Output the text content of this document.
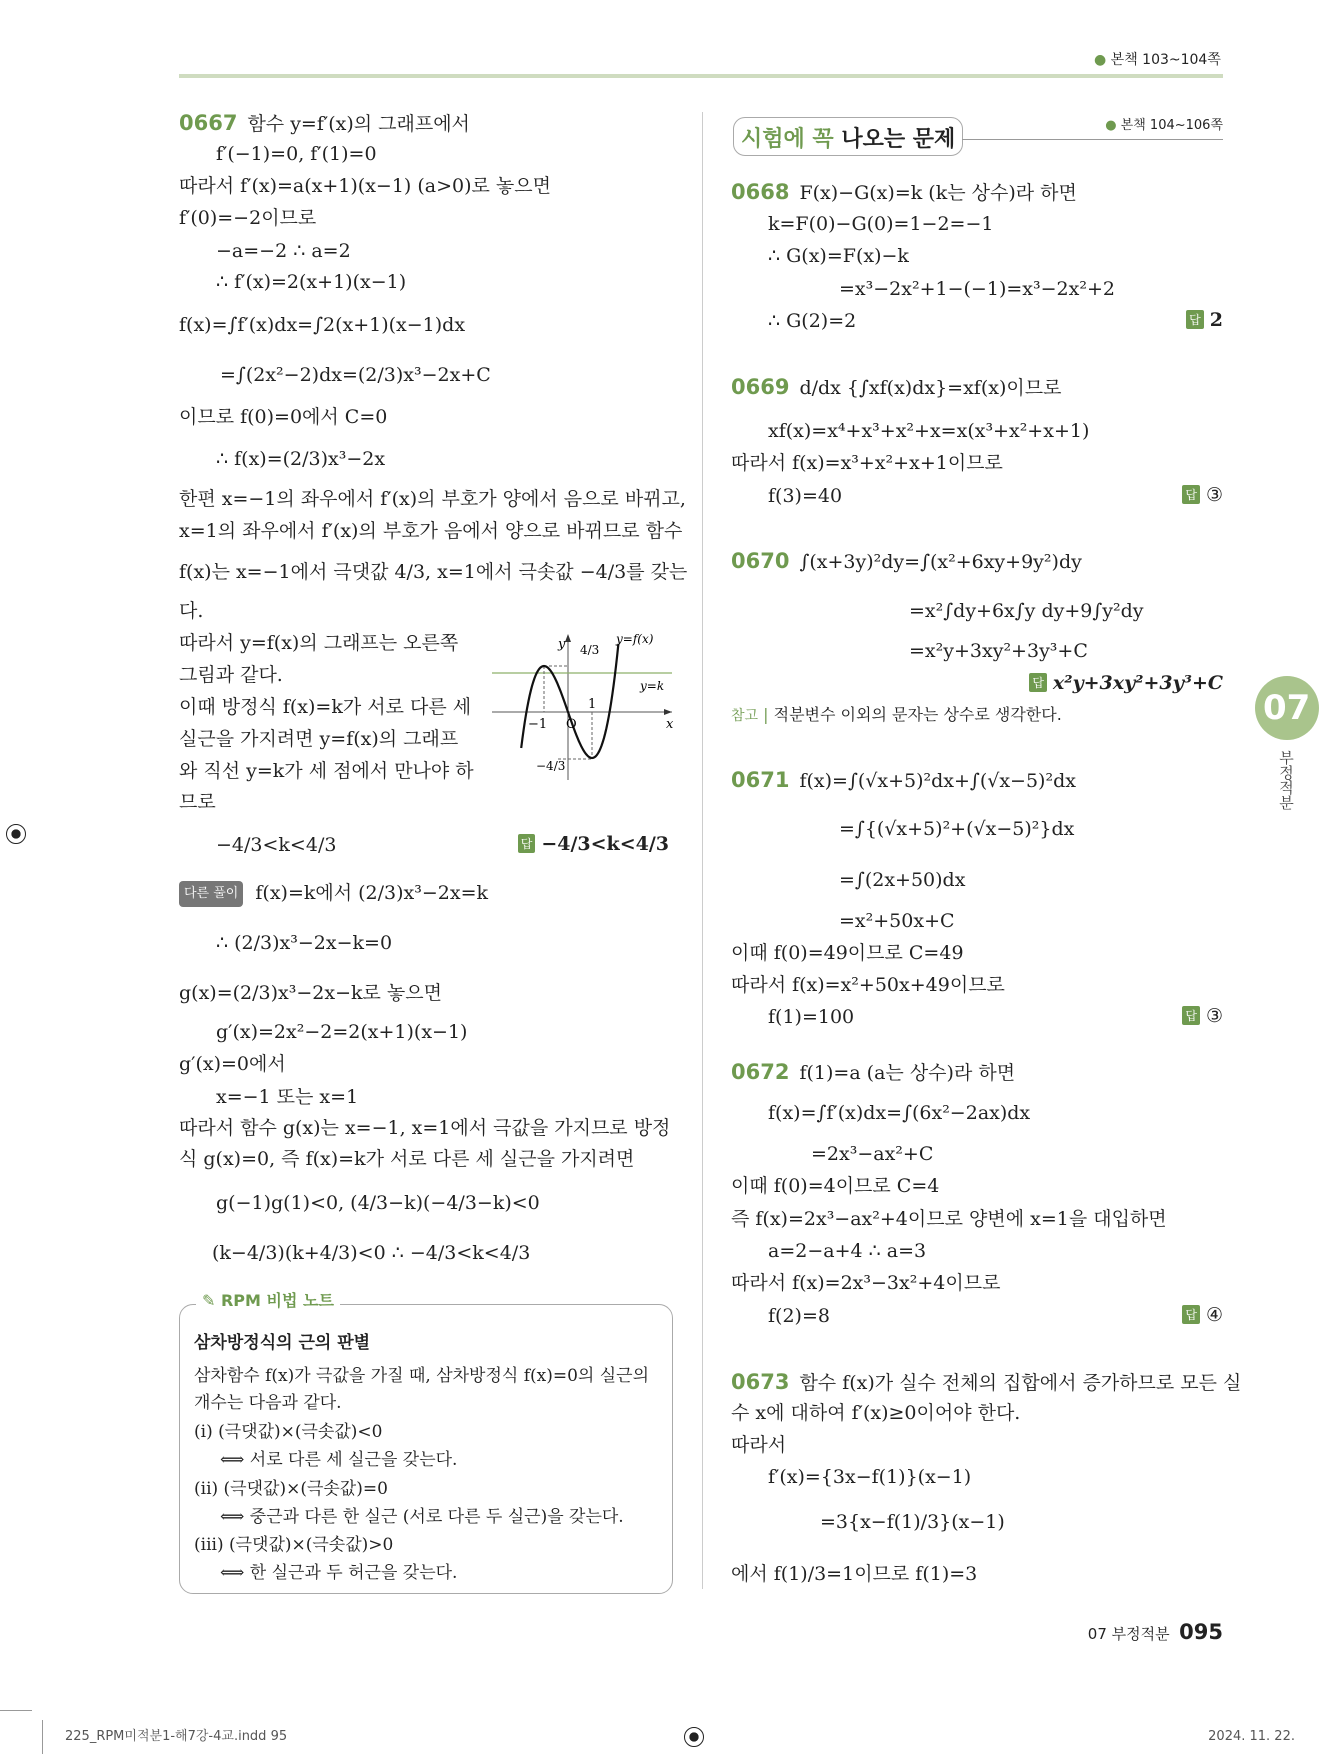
● 본책 103~104쪽
0667 함수 y=f′(x)의 그래프에서
f′(−1)=0, f′(1)=0
따라서 f′(x)=a(x+1)(x−1) (a>0)로 놓으면
f′(0)=−2이므로
−a=−2 ∴ a=2
∴ f′(x)=2(x+1)(x−1)
f(x)=∫f′(x)dx=∫2(x+1)(x−1)dx
=∫(2x²−2)dx=(2/3)x³−2x+C
이므로 f(0)=0에서 C=0
∴ f(x)=(2/3)x³−2x
한편 x=−1의 좌우에서 f′(x)의 부호가 양에서 음으로 바뀌고,
x=1의 좌우에서 f′(x)의 부호가 음에서 양으로 바뀌므로 함수
f(x)는 x=−1에서 극댓값 4/3, x=1에서 극솟값 −4/3를 갖는
다.
따라서 y=f(x)의 그래프는 오른쪽
그림과 같다.
이때 방정식 f(x)=k가 서로 다른 세
실근을 가지려면 y=f(x)의 그래프
와 직선 y=k가 세 점에서 만나야 하
므로
−4/3<k<4/3	답 −4/3<k<4/3
y
x
O
−1
1
4/3
−4/3
y=f(x)
y=k
다른 풀이 f(x)=k에서 (2/3)x³−2x=k
∴ (2/3)x³−2x−k=0
g(x)=(2/3)x³−2x−k로 놓으면
g′(x)=2x²−2=2(x+1)(x−1)
g′(x)=0에서
x=−1 또는 x=1
따라서 함수 g(x)는 x=−1, x=1에서 극값을 가지므로 방정
식 g(x)=0, 즉 f(x)=k가 서로 다른 세 실근을 가지려면
g(−1)g(1)<0, (4/3−k)(−4/3−k)<0
(k−4/3)(k+4/3)<0 ∴ −4/3<k<4/3
✎ RPM 비법 노트
삼차방정식의 근의 판별
삼차함수 f(x)가 극값을 가질 때, 삼차방정식 f(x)=0의 실근의
개수는 다음과 같다.
(i) (극댓값)×(극솟값)<0
⟺ 서로 다른 세 실근을 갖는다.
(ii) (극댓값)×(극솟값)=0
⟺ 중근과 다른 한 실근 (서로 다른 두 실근)을 갖는다.
(iii) (극댓값)×(극솟값)>0
⟺ 한 실근과 두 허근을 갖는다.
시험에 꼭 나오는 문제
● 본책 104~106쪽
0668 F(x)−G(x)=k (k는 상수)라 하면
k=F(0)−G(0)=1−2=−1
∴ G(x)=F(x)−k
=x³−2x²+1−(−1)=x³−2x²+2
∴ G(2)=2	답 2
0669 d/dx {∫xf(x)dx}=xf(x)이므로
xf(x)=x⁴+x³+x²+x=x(x³+x²+x+1)
따라서 f(x)=x³+x²+x+1이므로
f(3)=40	답 ③
0670 ∫(x+3y)²dy=∫(x²+6xy+9y²)dy
=x²∫dy+6x∫y dy+9∫y²dy
=x²y+3xy²+3y³+C
답 x²y+3xy²+3y³+C
참고 | 적분변수 이외의 문자는 상수로 생각한다.
0671 f(x)=∫(√x+5)²dx+∫(√x−5)²dx
=∫{(√x+5)²+(√x−5)²}dx
=∫(2x+50)dx
=x²+50x+C
이때 f(0)=49이므로 C=49
따라서 f(x)=x²+50x+49이므로
f(1)=100	답 ③
0672 f(1)=a (a는 상수)라 하면
f(x)=∫f′(x)dx=∫(6x²−2ax)dx
=2x³−ax²+C
이때 f(0)=4이므로 C=4
즉 f(x)=2x³−ax²+4이므로 양변에 x=1을 대입하면
a=2−a+4 ∴ a=3
따라서 f(x)=2x³−3x²+4이므로
f(2)=8	답 ④
0673 함수 f(x)가 실수 전체의 집합에서 증가하므로 모든 실
수 x에 대하여 f′(x)≥0이어야 한다.
따라서
f′(x)={3x−f(1)}(x−1)
=3{x−f(1)/3}(x−1)
에서 f(1)/3=1이므로 f(1)=3
07
부정적분
07 부정적분 095
225_RPM미적분1-해7강-4교.indd 95	2024. 11. 22.
